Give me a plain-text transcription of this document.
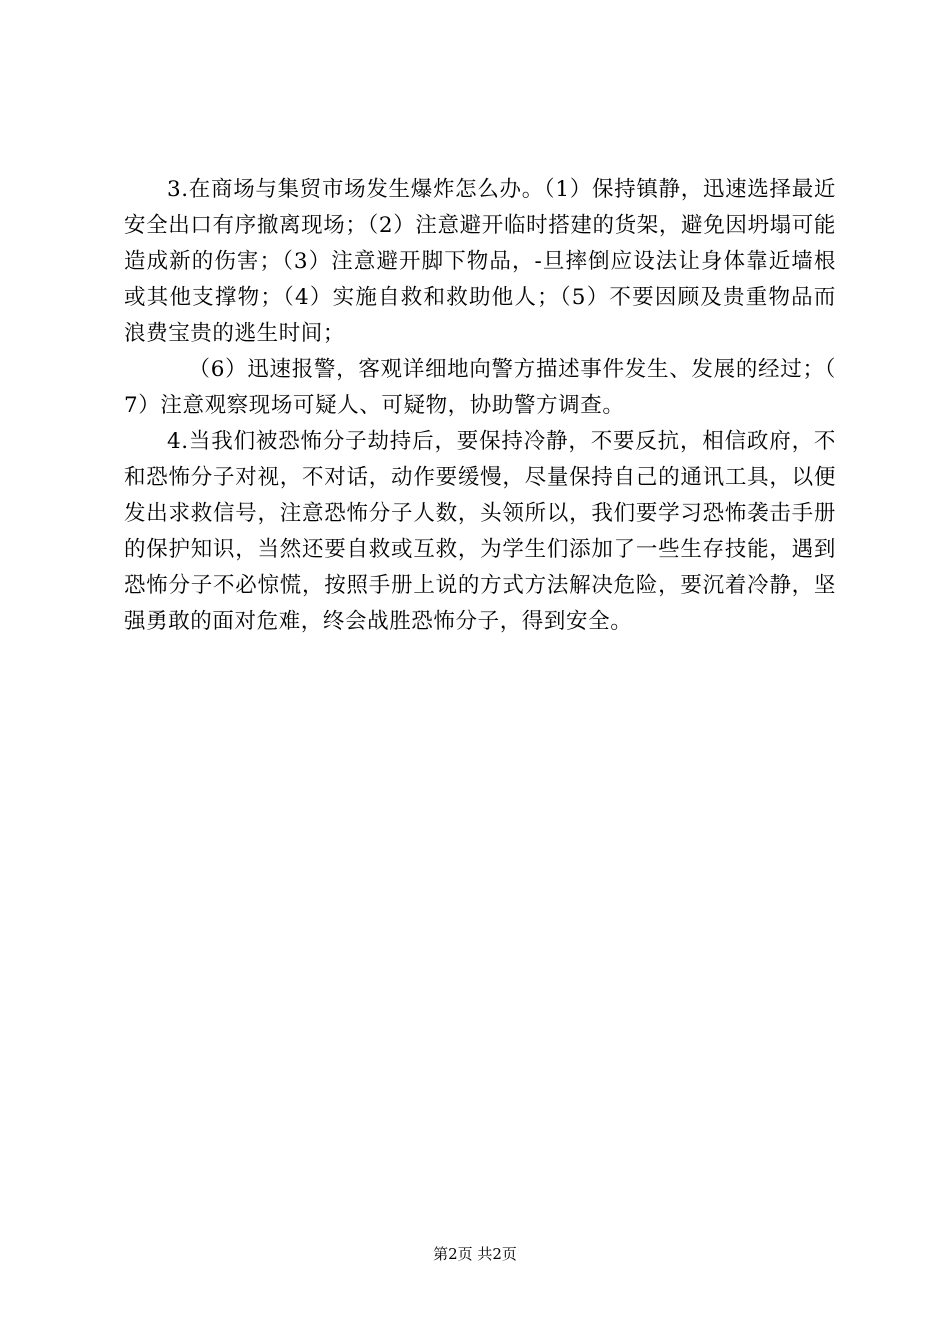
3.在商场与集贸市场发生爆炸怎么办。（1）保持镇静，迅速选择最近安全出口有序撤离现场；（2）注意避开临时搭建的货架，避免因坍塌可能造成新的伤害；（3）注意避开脚下物品，-旦摔倒应设法让身体靠近墙根或其他支撑物；（4）实施自救和救助他人；（5）不要因顾及贵重物品而浪费宝贵的逃生时间；

（6）迅速报警，客观详细地向警方描述事件发生、发展的经过；（7）注意观察现场可疑人、可疑物，协助警方调查。

4.当我们被恐怖分子劫持后，要保持冷静，不要反抗，相信政府，不和恐怖分子对视，不对话，动作要缓慢，尽量保持自己的通讯工具，以便发出求救信号，注意恐怖分子人数，头领所以，我们要学习恐怖袭击手册的保护知识，当然还要自救或互救，为学生们添加了一些生存技能，遇到恐怖分子不必惊慌，按照手册上说的方式方法解决危险，要沉着冷静，坚强勇敢的面对危难，终会战胜恐怖分子，得到安全。

第2页 共2页
